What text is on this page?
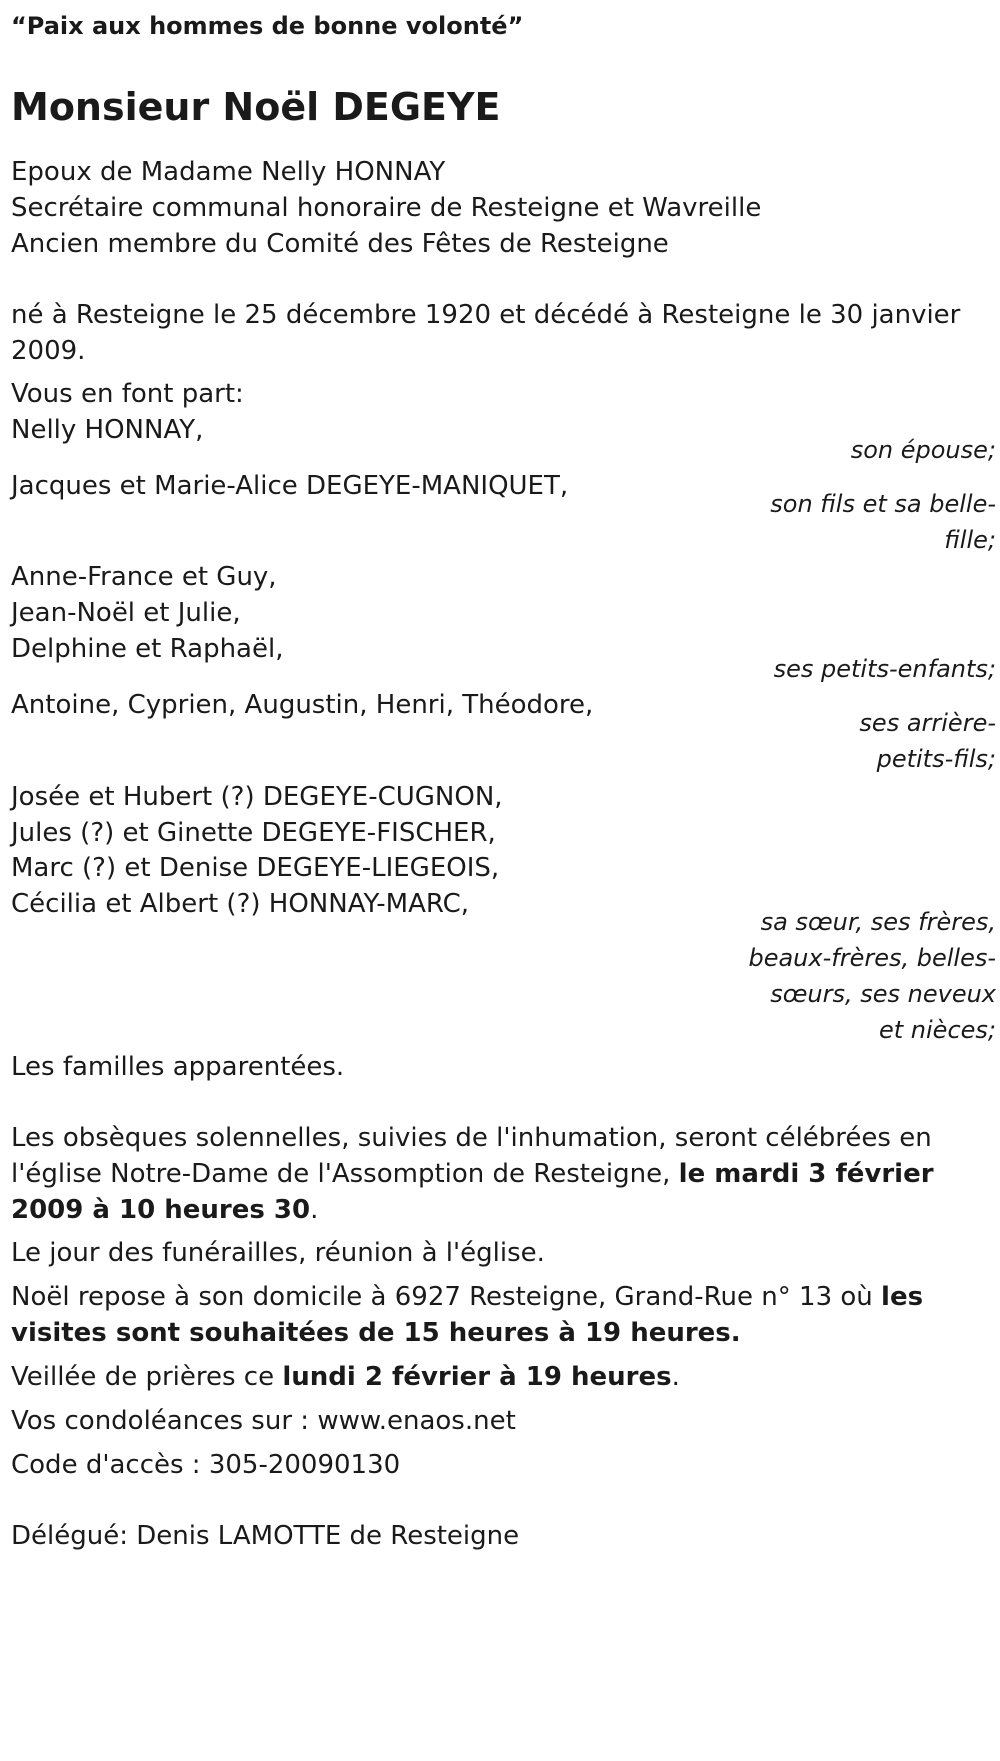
“Paix aux hommes de bonne volonté”
Monsieur Noël DEGEYE
Epoux de Madame Nelly HONNAY
Secrétaire communal honoraire de Resteigne et Wavreille
Ancien membre du Comité des Fêtes de Resteigne
né à Resteigne le 25 décembre 1920 et décédé à Resteigne le 30 janvier
2009.
Vous en font part:
Nelly HONNAY,
son épouse;
Jacques et Marie-Alice DEGEYE-MANIQUET,
son fils et sa belle-
fille;
Anne-France et Guy,
Jean-Noël et Julie,
Delphine et Raphaël,
ses petits-enfants;
Antoine, Cyprien, Augustin, Henri, Théodore,
ses arrière-
petits-fils;
Josée et Hubert (?) DEGEYE-CUGNON,
Jules (?) et Ginette DEGEYE-FISCHER,
Marc (?) et Denise DEGEYE-LIEGEOIS,
Cécilia et Albert (?) HONNAY-MARC,
sa sœur, ses frères,
beaux-frères, belles-
sœurs, ses neveux
et nièces;
Les familles apparentées.
Les obsèques solennelles, suivies de l'inhumation, seront célébrées en
l'église Notre-Dame de l'Assomption de Resteigne, le mardi 3 février
2009 à 10 heures 30.
Le jour des funérailles, réunion à l'église.
Noël repose à son domicile à 6927 Resteigne, Grand-Rue n° 13 où les
visites sont souhaitées de 15 heures à 19 heures.
Veillée de prières ce lundi 2 février à 19 heures.
Vos condoléances sur : www.enaos.net
Code d'accès : 305-20090130
Délégué: Denis LAMOTTE de Resteigne
